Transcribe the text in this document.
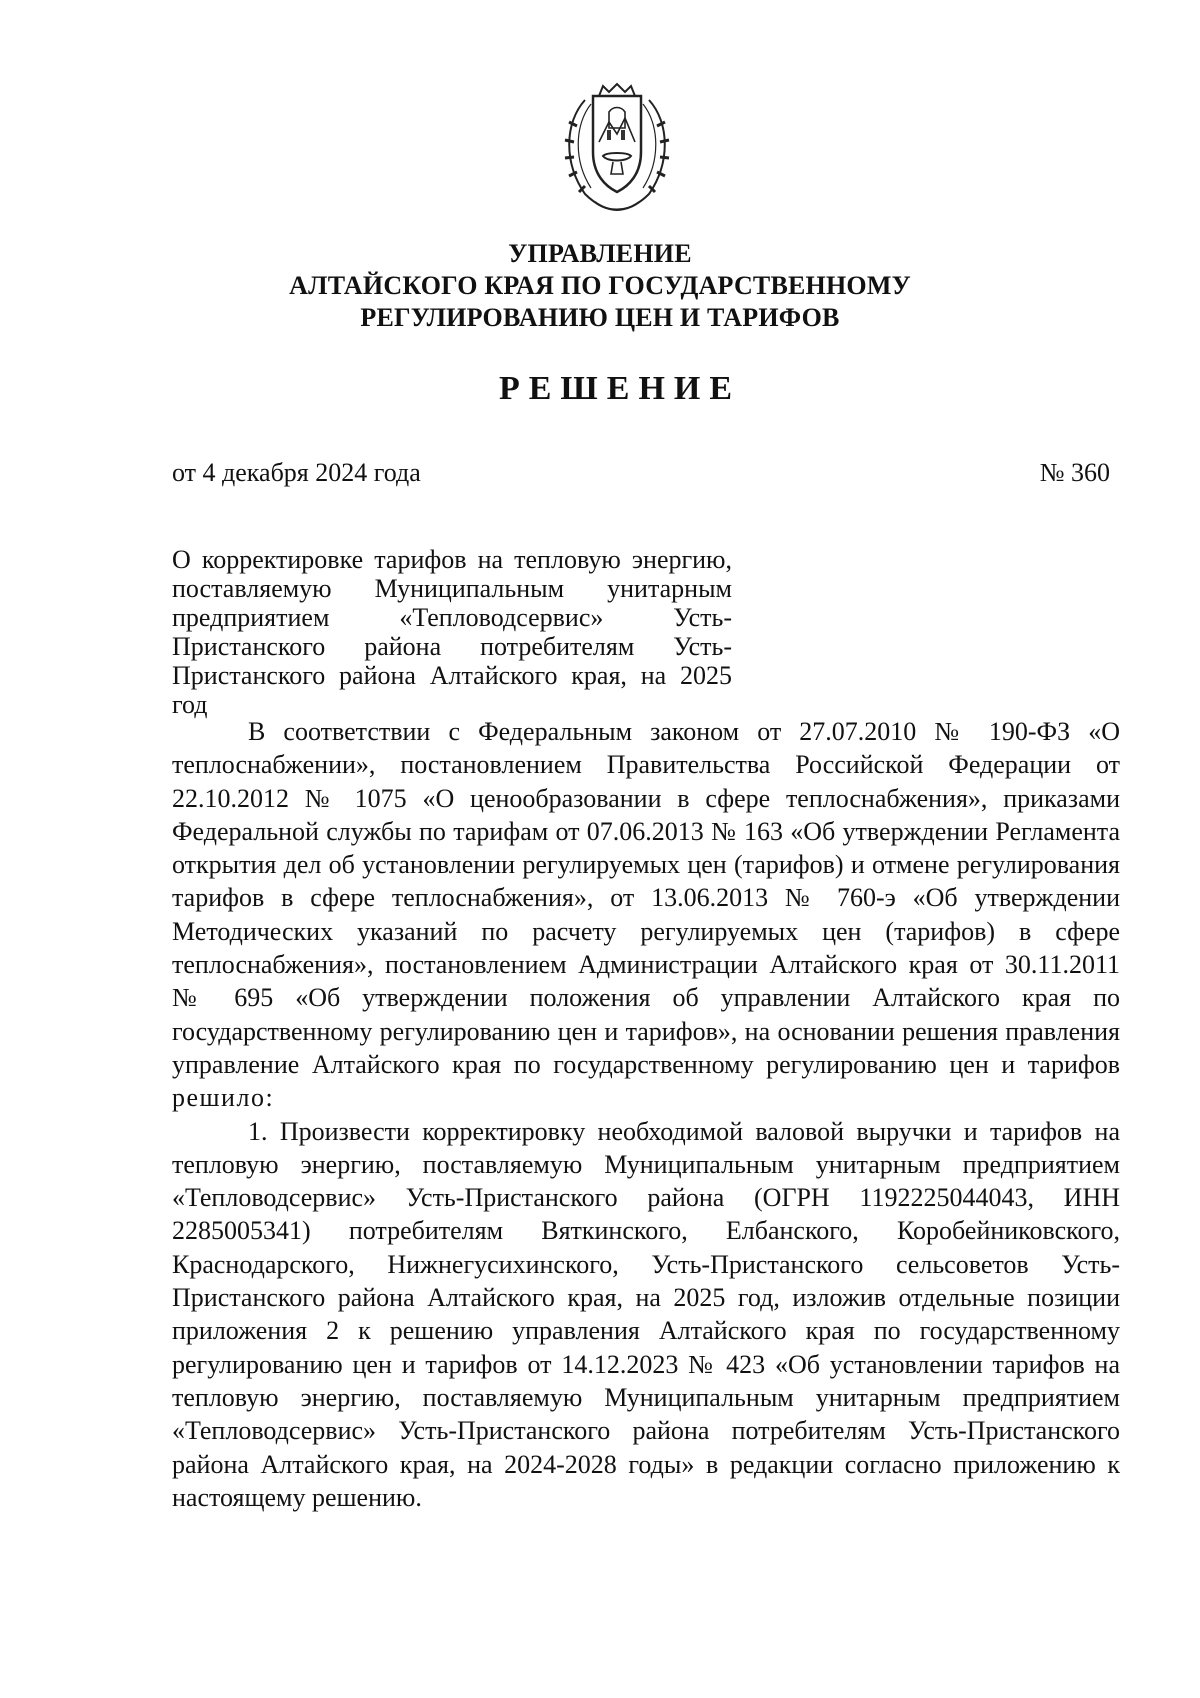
УПРАВЛЕНИЕ
АЛТАЙСКОГО КРАЯ ПО ГОСУДАРСТВЕННОМУ
РЕГУЛИРОВАНИЮ ЦЕН И ТАРИФОВ
РЕШЕНИЕ
от 4 декабря 2024 года	№ 360
О корректировке тарифов на тепловую энергию, поставляемую Муниципальным унитарным предприятием «Тепловодсервис» Усть-Пристанского района потребителям Усть-Пристанского района Алтайского края, на 2025 год

В соответствии с Федеральным законом от 27.07.2010 № 190-ФЗ «О теплоснабжении», постановлением Правительства Российской Федерации от 22.10.2012 № 1075 «О ценообразовании в сфере теплоснабжения», приказами Федеральной службы по тарифам от 07.06.2013 № 163 «Об утверждении Регламента открытия дел об установлении регулируемых цен (тарифов) и отмене регулирования тарифов в сфере теплоснабжения», от 13.06.2013 № 760-э «Об утверждении Методических указаний по расчету регулируемых цен (тарифов) в сфере теплоснабжения», постановлением Администрации Алтайского края от 30.11.2011 № 695 «Об утверждении положения об управлении Алтайского края по государственному регулированию цен и тарифов», на основании решения правления управление Алтайского края по государственному регулированию цен и тарифов решило:

1. Произвести корректировку необходимой валовой выручки и тарифов на тепловую энергию, поставляемую Муниципальным унитарным предприятием «Тепловодсервис» Усть-Пристанского района (ОГРН 1192225044043, ИНН 2285005341) потребителям Вяткинского, Елбанского, Коробейниковского, Краснодарского, Нижнегусихинского, Усть-Пристанского сельсоветов Усть-Пристанского района Алтайского края, на 2025 год, изложив отдельные позиции приложения 2 к решению управления Алтайского края по государственному регулированию цен и тарифов от 14.12.2023 № 423 «Об установлении тарифов на тепловую энергию, поставляемую Муниципальным унитарным предприятием «Тепловодсервис» Усть-Пристанского района потребителям Усть-Пристанского района Алтайского края, на 2024-2028 годы» в редакции согласно приложению к настоящему решению.
